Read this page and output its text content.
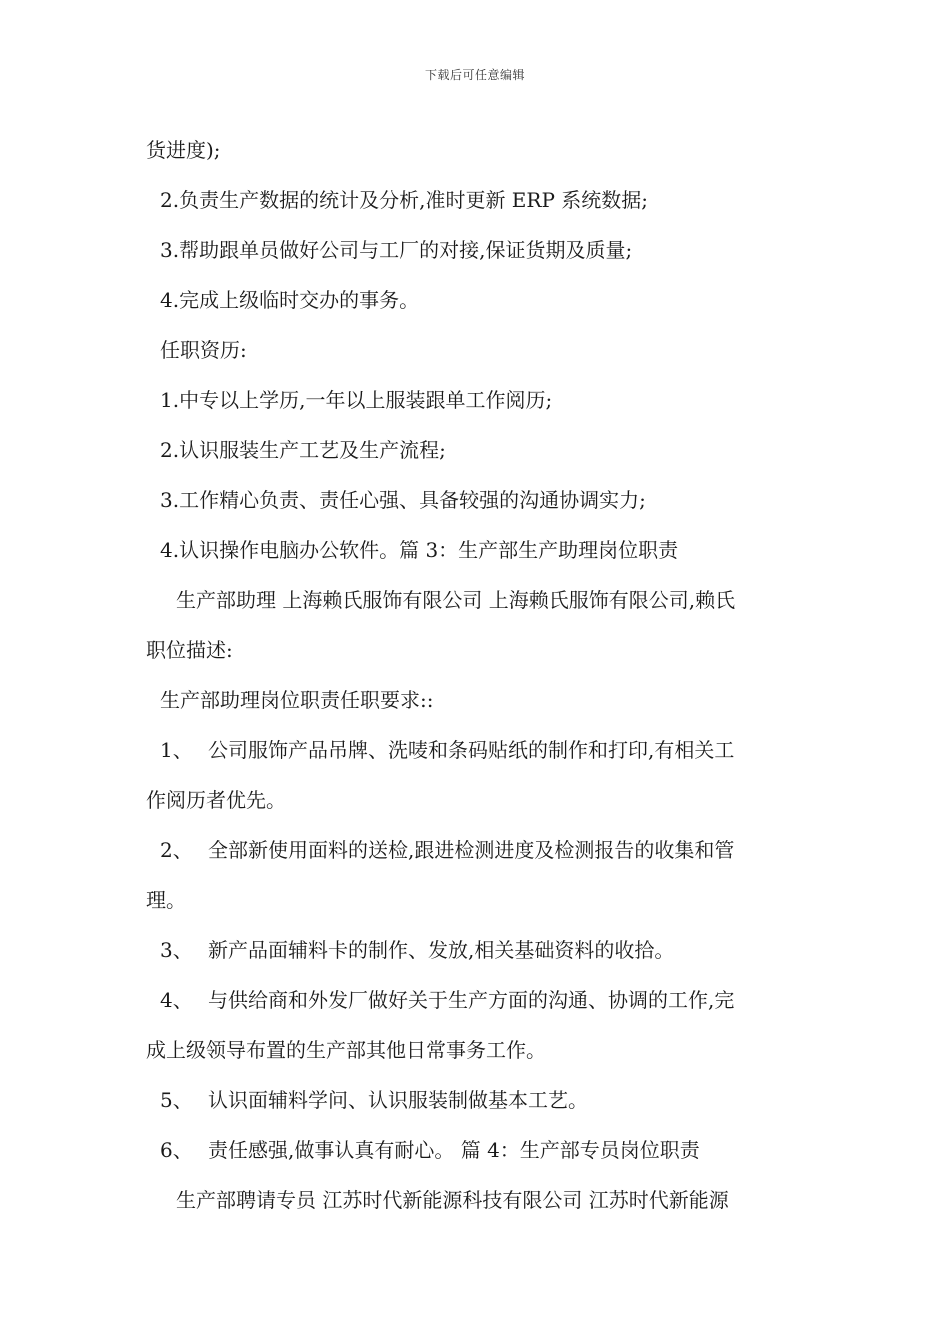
下载后可任意编辑
货进度);
2.负责生产数据的统计及分析,准时更新 ERP 系统数据;
3.帮助跟单员做好公司与工厂的对接,保证货期及质量;
4.完成上级临时交办的事务。
任职资历:
1.中专以上学历,一年以上服装跟单工作阅历;
2.认识服装生产工艺及生产流程;
3.工作精心负责、责任心强、具备较强的沟通协调实力;
4.认识操作电脑办公软件。篇 3：生产部生产助理岗位职责
生产部助理 上海赖氏服饰有限公司 上海赖氏服饰有限公司,赖氏
职位描述:
生产部助理岗位职责任职要求::
1、 公司服饰产品吊牌、洗唛和条码贴纸的制作和打印,有相关工
作阅历者优先。
2、 全部新使用面料的送检,跟进检测进度及检测报告的收集和管
理。
3、 新产品面辅料卡的制作、发放,相关基础资料的收拾。
4、 与供给商和外发厂做好关于生产方面的沟通、协调的工作,完
成上级领导布置的生产部其他日常事务工作。
5、 认识面辅料学问、认识服装制做基本工艺。
6、 责任感强,做事认真有耐心。 篇 4：生产部专员岗位职责
生产部聘请专员 江苏时代新能源科技有限公司 江苏时代新能源
